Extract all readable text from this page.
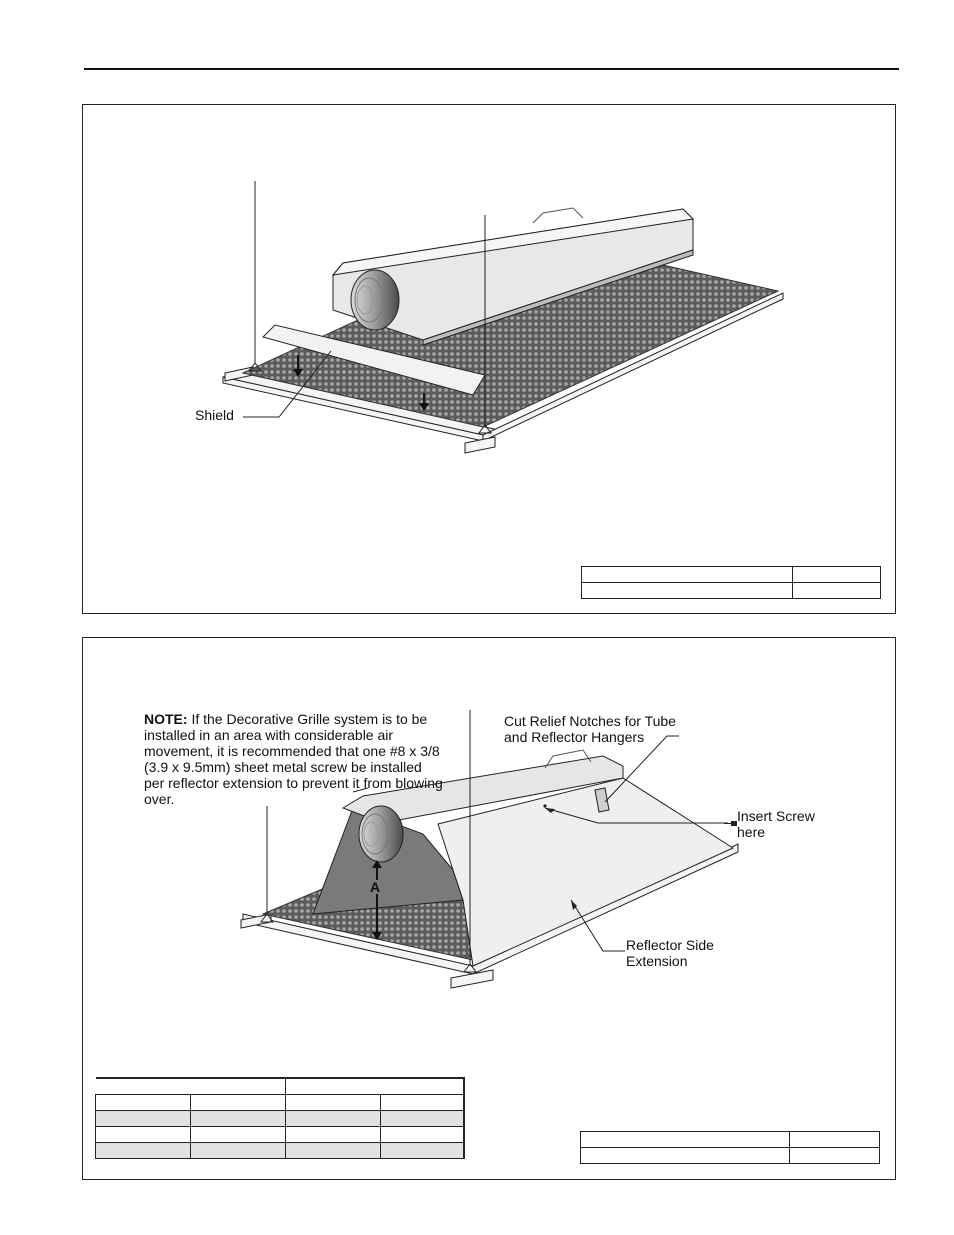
Shield

NOTE: If the Decorative Grille system is to be installed in an area with considerable air movement, it is recommended that one #8 x 3/8 (3.9 x 9.5mm) sheet metal screw be installed per reflector extension to prevent it from blowing over.
Cut Relief Notches for Tube
and Reflector Hangers
Insert Screw
here
Reflector Side
Extension
A
